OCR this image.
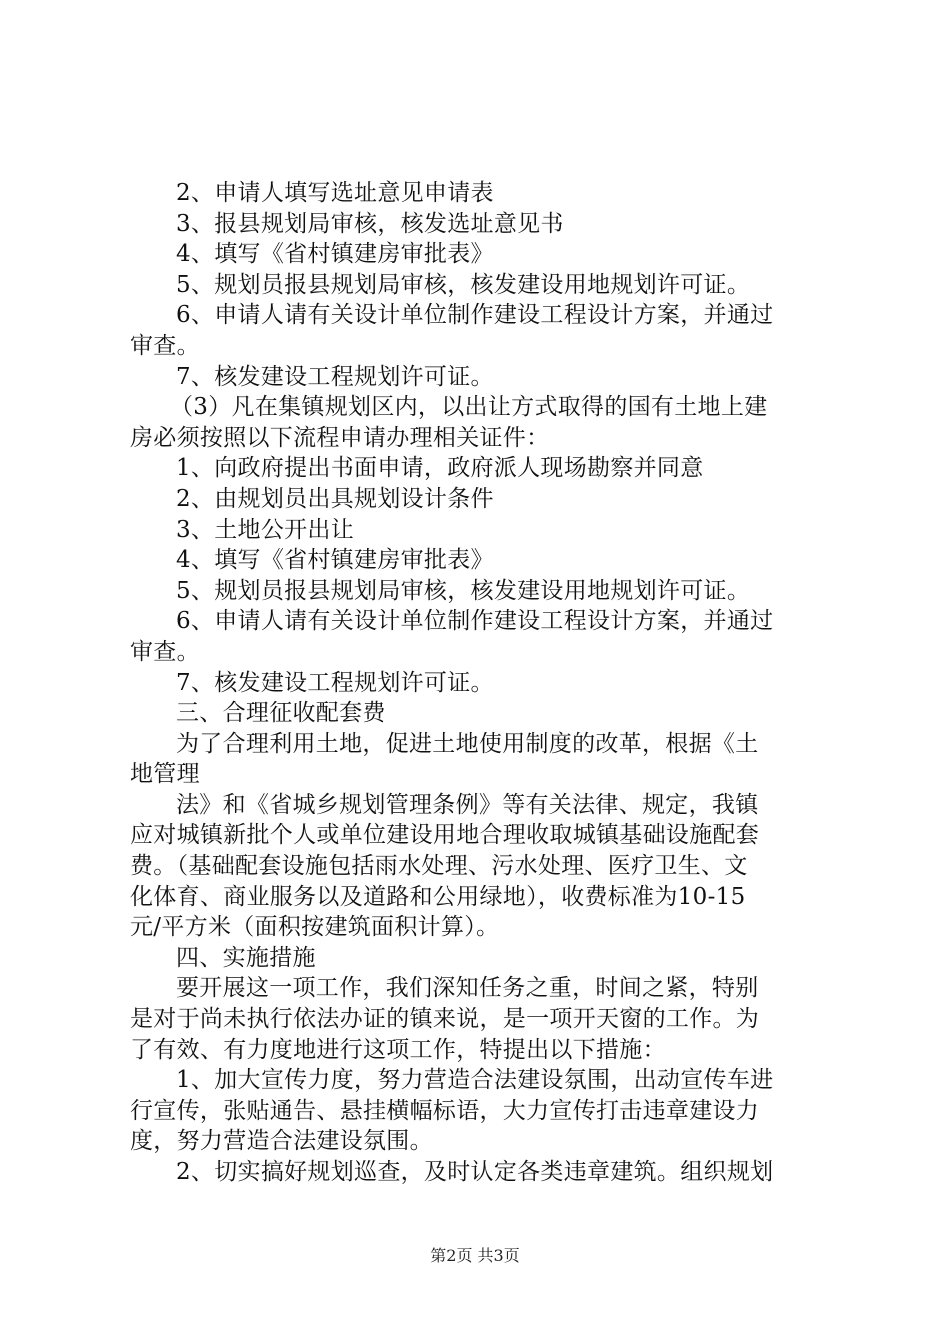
2、申请人填写选址意见申请表
3、报县规划局审核，核发选址意见书
4、填写《省村镇建房审批表》
5、规划员报县规划局审核，核发建设用地规划许可证。
6、申请人请有关设计单位制作建设工程设计方案，并通过
审查。
7、核发建设工程规划许可证。
（3）凡在集镇规划区内，以出让方式取得的国有土地上建
房必须按照以下流程申请办理相关证件：
1、向政府提出书面申请，政府派人现场勘察并同意
2、由规划员出具规划设计条件
3、土地公开出让
4、填写《省村镇建房审批表》
5、规划员报县规划局审核，核发建设用地规划许可证。
6、申请人请有关设计单位制作建设工程设计方案，并通过
审查。
7、核发建设工程规划许可证。
三、合理征收配套费
为了合理利用土地，促进土地使用制度的改革，根据《土
地管理
法》和《省城乡规划管理条例》等有关法律、规定，我镇
应对城镇新批个人或单位建设用地合理收取城镇基础设施配套
费。（基础配套设施包括雨水处理、污水处理、医疗卫生、文
化体育、商业服务以及道路和公用绿地），收费标准为10-15
元/平方米（面积按建筑面积计算）。
四、实施措施
要开展这一项工作，我们深知任务之重，时间之紧，特别
是对于尚未执行依法办证的镇来说，是一项开天窗的工作。为
了有效、有力度地进行这项工作，特提出以下措施：
1、加大宣传力度，努力营造合法建设氛围，出动宣传车进
行宣传，张贴通告、悬挂横幅标语，大力宣传打击违章建设力
度，努力营造合法建设氛围。
2、切实搞好规划巡查，及时认定各类违章建筑。组织规划
第2页 共3页
